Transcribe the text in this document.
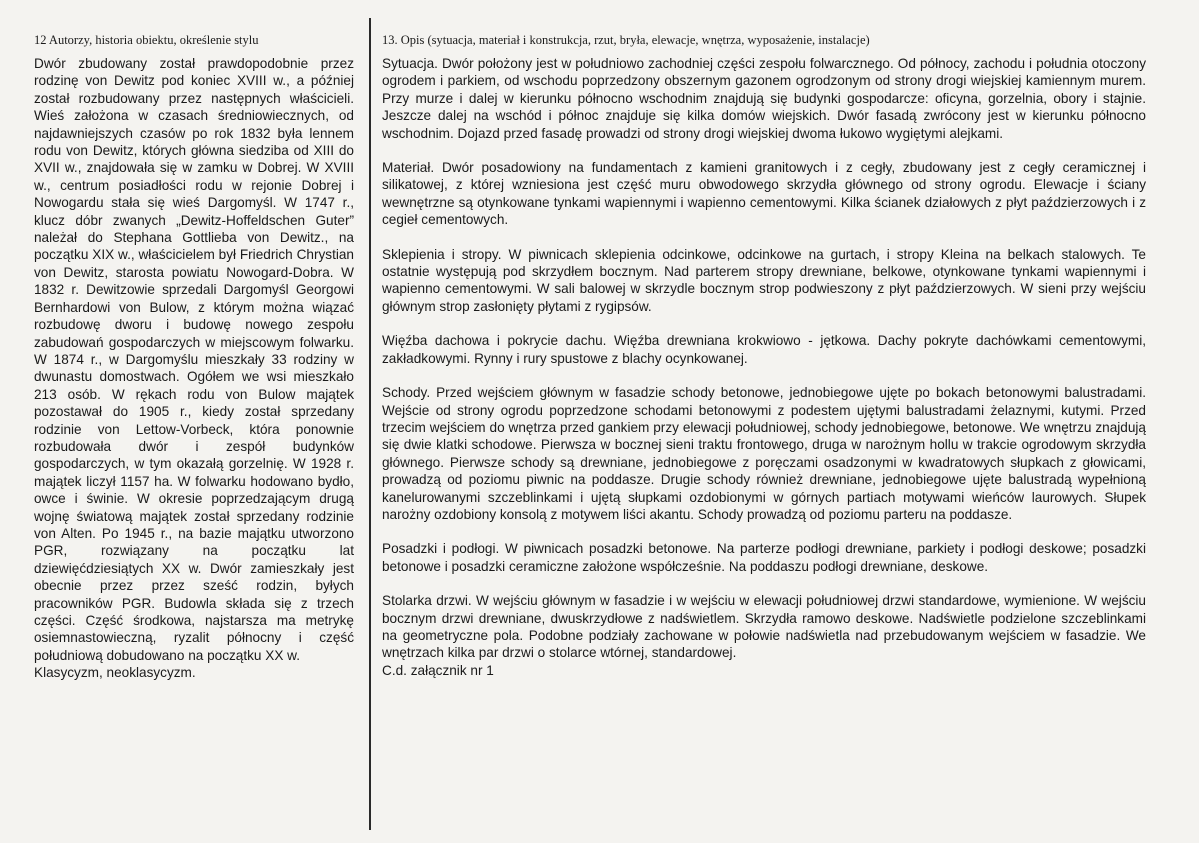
12 Autorzy, historia obiektu, określenie stylu

Dwór zbudowany został prawdopodobnie przez rodzinę von Dewitz pod koniec XVIII w., a później został rozbudowany przez następnych właścicieli. Wieś założona w czasach średniowiecznych, od najdawniejszych czasów po rok 1832 była lennem rodu von Dewitz, których główna siedziba od XIII do XVII w., znajdowała się w zamku w Dobrej. W XVIII w., centrum posiadłości rodu w rejonie Dobrej i Nowogardu stała się wieś Dargomyśl. W 1747 r., klucz dóbr zwanych „Dewitz-Hoffeldschen Guter” należał do Stephana Gottlieba von Dewitz., na początku XIX w., właścicielem był Friedrich Chrystian von Dewitz, starosta powiatu Nowogard-Dobra. W 1832 r. Dewitzowie sprzedali Dargomyśl Georgowi Bernhardowi von Bulow, z którym można wiązać rozbudowę dworu i budowę nowego zespołu zabudowań gospodarczych w miejscowym folwarku. W 1874 r., w Dargomyślu mieszkały 33 rodziny w dwunastu domostwach. Ogółem we wsi mieszkało 213 osób. W rękach rodu von Bulow majątek pozostawał do 1905 r., kiedy został sprzedany rodzinie von Lettow-Vorbeck, która ponownie rozbudowała dwór i zespół budynków gospodarczych, w tym okazałą gorzelnię. W 1928 r. majątek liczył 1157 ha. W folwarku hodowano bydło, owce i świnie. W okresie poprzedzającym drugą wojnę światową majątek został sprzedany rodzinie von Alten. Po 1945 r., na bazie majątku utworzono PGR, rozwiązany na początku lat dziewięćdziesiątych XX w. Dwór zamieszkały jest obecnie przez przez sześć rodzin, byłych pracowników PGR. Budowla składa się z trzech części. Część środkowa, najstarsza ma metrykę osiemnastowieczną, ryzalit północny i część południową dobudowano na początku XX w.

Klasycyzm, neoklasycyzm.

13. Opis (sytuacja, materiał i konstrukcja, rzut, bryła, elewacje, wnętrza, wyposażenie, instalacje)

Sytuacja. Dwór położony jest w południowo zachodniej części zespołu folwarcznego. Od północy, zachodu i południa otoczony ogrodem i parkiem, od wschodu poprzedzony obszernym gazonem ogrodzonym od strony drogi wiejskiej kamiennym murem. Przy murze i dalej w kierunku północno wschodnim znajdują się budynki gospodarcze: oficyna, gorzelnia, obory i stajnie. Jeszcze dalej na wschód i północ znajduje się kilka domów wiejskich. Dwór fasadą zwrócony jest w kierunku północno wschodnim. Dojazd przed fasadę prowadzi od strony drogi wiejskiej dwoma łukowo wygiętymi alejkami.

Materiał. Dwór posadowiony na fundamentach z kamieni granitowych i z cegły, zbudowany jest z cegły ceramicznej i silikatowej, z której wzniesiona jest część muru obwodowego skrzydła głównego od strony ogrodu. Elewacje i ściany wewnętrzne są otynkowane tynkami wapiennymi i wapienno cementowymi. Kilka ścianek działowych z płyt paździerzowych i z cegieł cementowych.

Sklepienia i stropy. W piwnicach sklepienia odcinkowe, odcinkowe na gurtach, i stropy Kleina na belkach stalowych. Te ostatnie występują pod skrzydłem bocznym. Nad parterem stropy drewniane, belkowe, otynkowane tynkami wapiennymi i wapienno cementowymi. W sali balowej w skrzydle bocznym strop podwieszony z płyt paździerzowych. W sieni przy wejściu głównym strop zasłonięty płytami z rygipsów.

Więźba dachowa i pokrycie dachu. Więźba drewniana krokwiowo - jętkowa. Dachy pokryte dachówkami cementowymi, zakładkowymi. Rynny i rury spustowe z blachy ocynkowanej.

Schody. Przed wejściem głównym w fasadzie schody betonowe, jednobiegowe ujęte po bokach betonowymi balustradami. Wejście od strony ogrodu poprzedzone schodami betonowymi z podestem ujętymi balustradami żelaznymi, kutymi. Przed trzecim wejściem do wnętrza przed gankiem przy elewacji południowej, schody jednobiegowe, betonowe. We wnętrzu znajdują się dwie klatki schodowe. Pierwsza w bocznej sieni traktu frontowego, druga w narożnym hollu w trakcie ogrodowym skrzydła głównego. Pierwsze schody są drewniane, jednobiegowe z poręczami osadzonymi w kwadratowych słupkach z głowicami, prowadzą od poziomu piwnic na poddasze. Drugie schody również drewniane, jednobiegowe ujęte balustradą wypełnioną kanelurowanymi szczeblinkami i ujętą słupkami ozdobionymi w górnych partiach motywami wieńców laurowych. Słupek narożny ozdobiony konsolą z motywem liści akantu. Schody prowadzą od poziomu parteru na poddasze.

Posadzki i podłogi. W piwnicach posadzki betonowe. Na parterze podłogi drewniane, parkiety i podłogi deskowe; posadzki betonowe i posadzki ceramiczne założone współcześnie. Na poddaszu podłogi drewniane, deskowe.

Stolarka drzwi. W wejściu głównym w fasadzie i w wejściu w elewacji południowej drzwi standardowe, wymienione. W wejściu bocznym drzwi drewniane, dwuskrzydłowe z nadświetlem. Skrzydła ramowo deskowe. Nadświetle podzielone szczeblinkami na geometryczne pola. Podobne podziały zachowane w połowie nadświetla nad przebudowanym wejściem w fasadzie. We wnętrzach kilka par drzwi o stolarce wtórnej, standardowej.

C.d. załącznik nr 1
